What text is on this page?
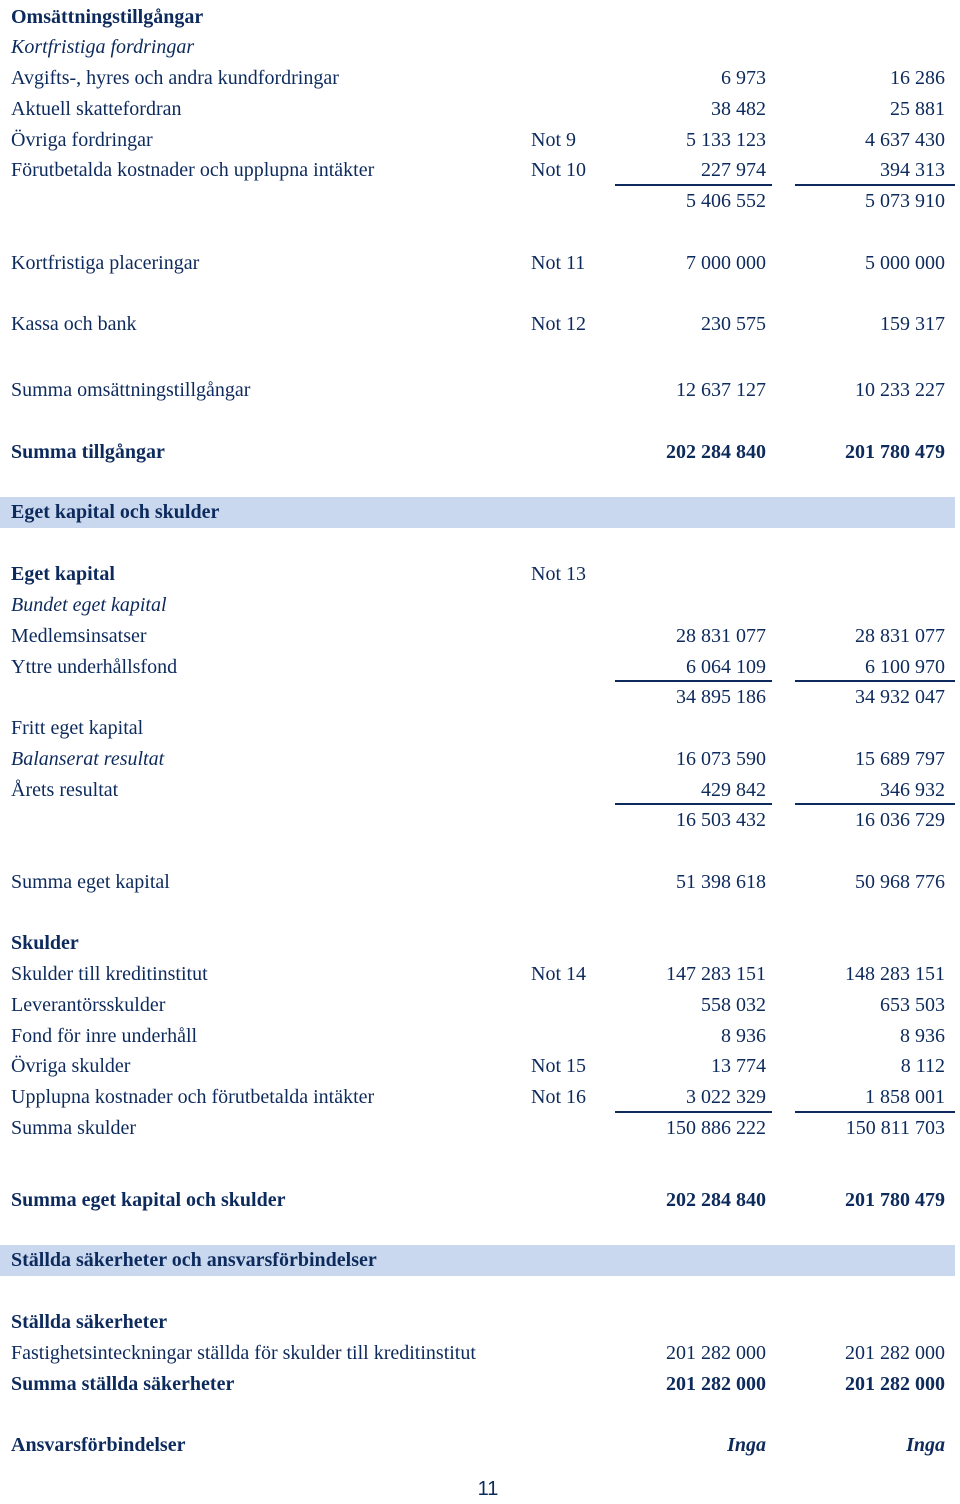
Omsättningstillgångar
Kortfristiga fordringar
Avgifts-, hyres och andra kundfordringar	6 973	16 286
Aktuell skattefordran	38 482	25 881
Övriga fordringar	Not 9	5 133 123	4 637 430
Förutbetalda kostnader och upplupna intäkter	Not 10	227 974	394 313
5 406 552	5 073 910
Kortfristiga placeringar	Not 11	7 000 000	5 000 000
Kassa och bank	Not 12	230 575	159 317
Summa omsättningstillgångar	12 637 127	10 233 227
Summa tillgångar	202 284 840	201 780 479
Eget kapital och skulder
Eget kapital	Not 13
Bundet eget kapital
Medlemsinsatser	28 831 077	28 831 077
Yttre underhållsfond	6 064 109	6 100 970
34 895 186	34 932 047
Fritt eget kapital
Balanserat resultat	16 073 590	15 689 797
Årets resultat	429 842	346 932
16 503 432	16 036 729
Summa eget kapital	51 398 618	50 968 776
Skulder
Skulder till kreditinstitut	Not 14	147 283 151	148 283 151
Leverantörsskulder	558 032	653 503
Fond för inre underhåll	8 936	8 936
Övriga skulder	Not 15	13 774	8 112
Upplupna kostnader och förutbetalda intäkter	Not 16	3 022 329	1 858 001
Summa skulder	150 886 222	150 811 703
Summa eget kapital och skulder	202 284 840	201 780 479
Ställda säkerheter och ansvarsförbindelser
Ställda säkerheter
Fastighetsinteckningar ställda för skulder till kreditinstitut	201 282 000	201 282 000
Summa ställda säkerheter	201 282 000	201 282 000
Ansvarsförbindelser	Inga	Inga
11
